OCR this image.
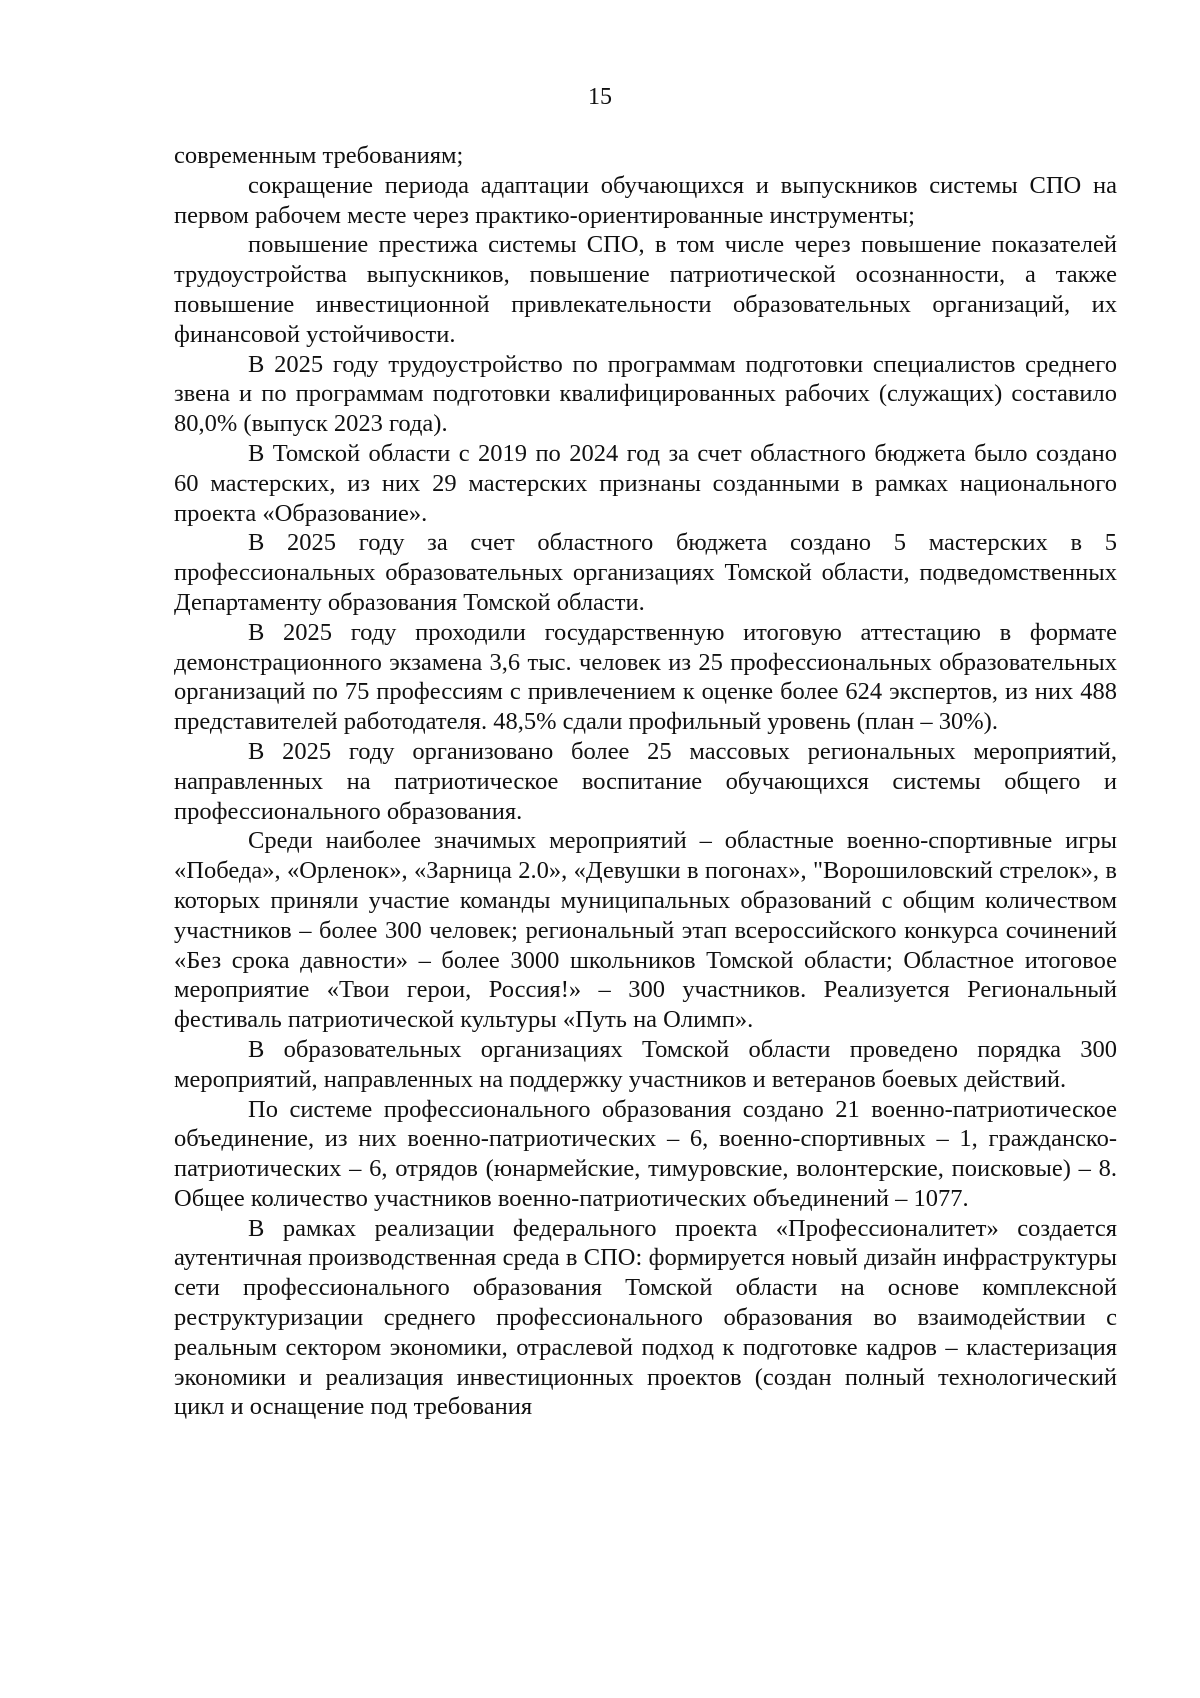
15

современным требованиям;

сокращение периода адаптации обучающихся и выпускников системы СПО на первом рабочем месте через практико-ориентированные инструменты;

повышение престижа системы СПО, в том числе через повышение показателей трудоустройства выпускников, повышение патриотической осознанности, а также повышение инвестиционной привлекательности образовательных организаций, их финансовой устойчивости.

В 2025 году трудоустройство по программам подготовки специалистов среднего звена и по программам подготовки квалифицированных рабочих (служащих) составило 80,0% (выпуск 2023 года).

В Томской области с 2019 по 2024 год за счет областного бюджета было создано 60 мастерских, из них 29 мастерских признаны созданными в рамках национального проекта «Образование».

В 2025 году за счет областного бюджета создано 5 мастерских в 5 профессиональных образовательных организациях Томской области, подведомственных Департаменту образования Томской области.

В 2025 году проходили государственную итоговую аттестацию в формате демонстрационного экзамена 3,6 тыс. человек из 25 профессиональных образовательных организаций по 75 профессиям с привлечением к оценке более 624 экспертов, из них 488 представителей работодателя. 48,5% сдали профильный уровень (план – 30%).

В 2025 году организовано более 25 массовых региональных мероприятий, направленных на патриотическое воспитание обучающихся системы общего и профессионального образования.

Среди наиболее значимых мероприятий – областные военно-спортивные игры «Победа», «Орленок», «Зарница 2.0», «Девушки в погонах», "Ворошиловский стрелок», в которых приняли участие команды муниципальных образований с общим количеством участников – более 300 человек; региональный этап всероссийского конкурса сочинений «Без срока давности» – более 3000 школьников Томской области; Областное итоговое мероприятие «Твои герои, Россия!» – 300 участников. Реализуется Региональный фестиваль патриотической культуры «Путь на Олимп».

В образовательных организациях Томской области проведено порядка 300 мероприятий, направленных на поддержку участников и ветеранов боевых действий.

По системе профессионального образования создано 21 военно-патриотическое объединение, из них военно-патриотических – 6, военно-спортивных – 1, гражданско-патриотических – 6, отрядов (юнармейские, тимуровские, волонтерские, поисковые) – 8. Общее количество участников военно-патриотических объединений – 1077.

В рамках реализации федерального проекта «Профессионалитет» создается аутентичная производственная среда в СПО: формируется новый дизайн инфраструктуры сети профессионального образования Томской области на основе комплексной реструктуризации среднего профессионального образования во взаимодействии с реальным сектором экономики, отраслевой подход к подготовке кадров – кластеризация экономики и реализация инвестиционных проектов (создан полный технологический цикл и оснащение под требования
